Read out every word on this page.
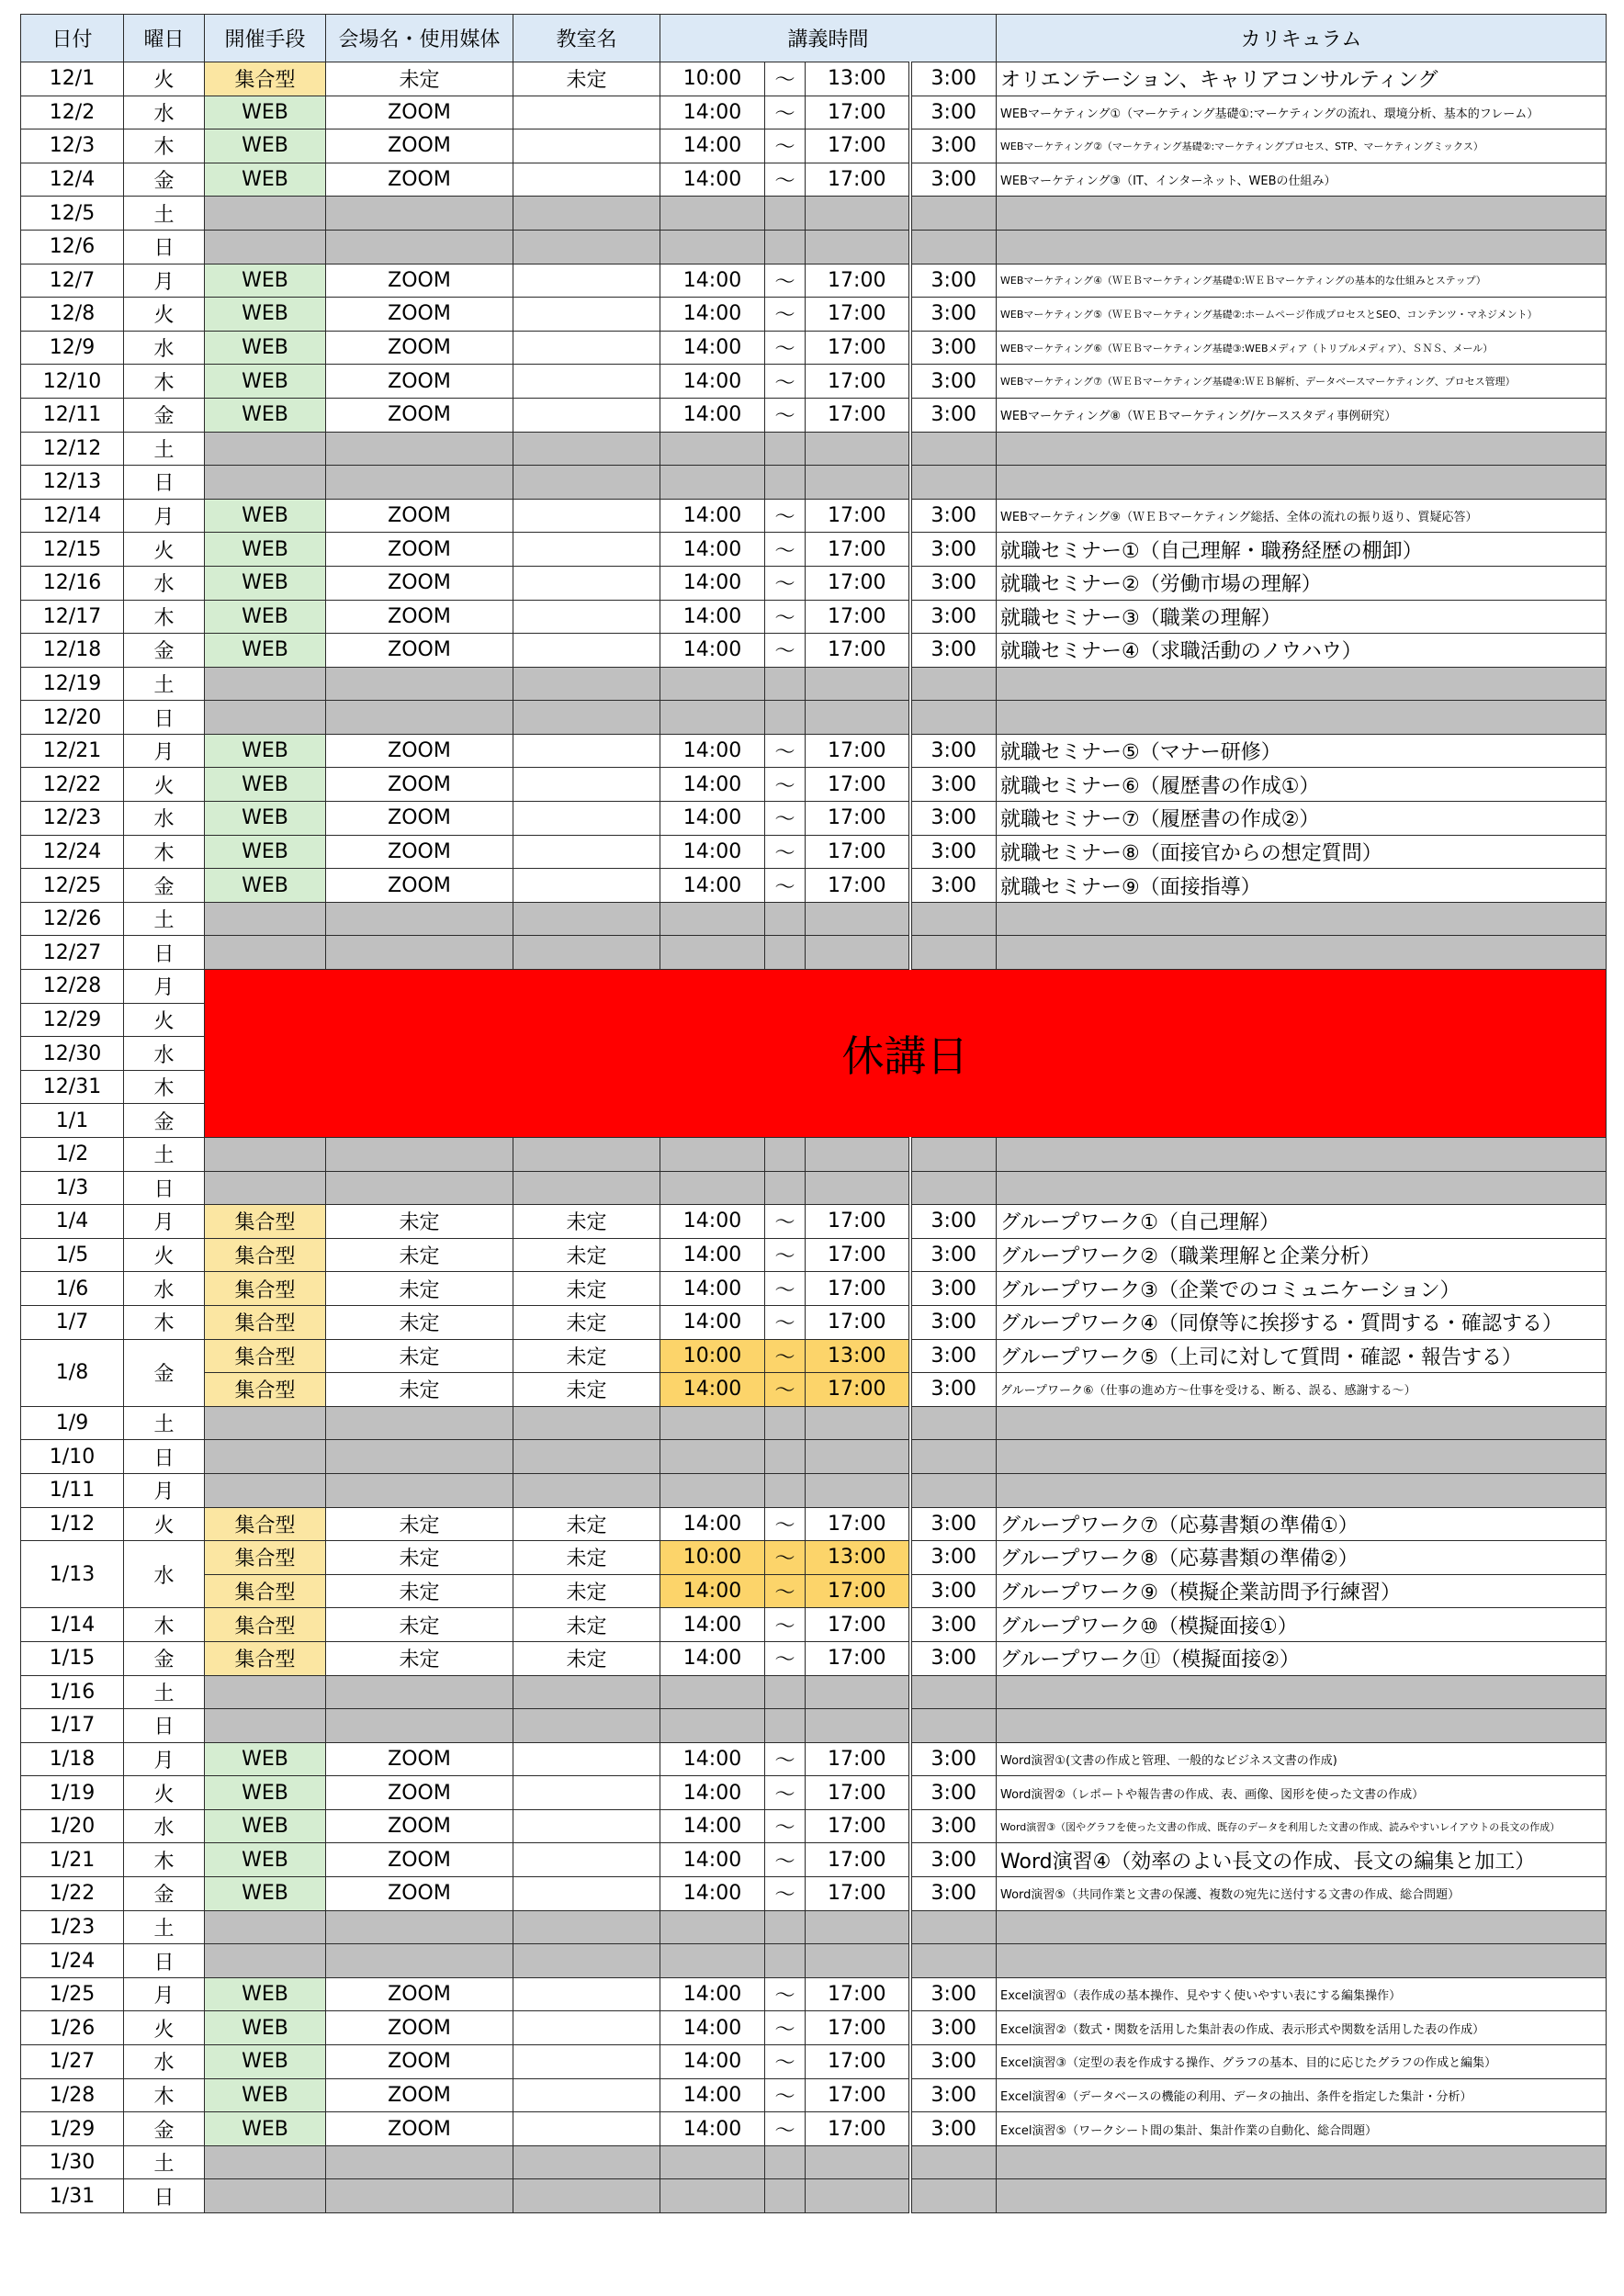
日付	曜日	開催手段	会場名・使用媒体	教室名	講義時間				カリキュラム
12/1	火	集合型	未定	未定	10:00	～	13:00	3:00	オリエンテーション、キャリアコンサルティング
12/2	水	WEB	ZOOM		14:00	～	17:00	3:00	WEBマーケティング①（マーケティング基礎①:マーケティングの流れ、環境分析、基本的フレーム）
12/3	木	WEB	ZOOM		14:00	～	17:00	3:00	WEBマーケティング②（マーケティング基礎②:マーケティングプロセス、STP、マーケティングミックス）
12/4	金	WEB	ZOOM		14:00	～	17:00	3:00	WEBマーケティング③（IT、インターネット、WEBの仕組み）
12/5	土								
12/6	日								
12/7	月	WEB	ZOOM		14:00	～	17:00	3:00	WEBマーケティング④（ＷＥＢマーケティング基礎①:ＷＥＢマーケティングの基本的な仕組みとステップ）
12/8	火	WEB	ZOOM		14:00	～	17:00	3:00	WEBマーケティング⑤（ＷＥＢマーケティング基礎②:ホームページ作成プロセスとSEO、コンテンツ・マネジメント）
12/9	水	WEB	ZOOM		14:00	～	17:00	3:00	WEBマーケティング⑥（ＷＥＢマーケティング基礎③:WEBメディア（トリプルメディア）、ＳＮＳ、メール）
12/10	木	WEB	ZOOM		14:00	～	17:00	3:00	WEBマーケティング⑦（ＷＥＢマーケティング基礎④:ＷＥＢ解析、データベースマーケティング、プロセス管理）
12/11	金	WEB	ZOOM		14:00	～	17:00	3:00	WEBマーケティング⑧（ＷＥＢマーケティング/ケーススタディ事例研究）
12/12	土								
12/13	日								
12/14	月	WEB	ZOOM		14:00	～	17:00	3:00	WEBマーケティング⑨（ＷＥＢマーケティング総括、全体の流れの振り返り、質疑応答）
12/15	火	WEB	ZOOM		14:00	～	17:00	3:00	就職セミナー①（自己理解・職務経歴の棚卸）
12/16	水	WEB	ZOOM		14:00	～	17:00	3:00	就職セミナー②（労働市場の理解）
12/17	木	WEB	ZOOM		14:00	～	17:00	3:00	就職セミナー③（職業の理解）
12/18	金	WEB	ZOOM		14:00	～	17:00	3:00	就職セミナー④（求職活動のノウハウ）
12/19	土								
12/20	日								
12/21	月	WEB	ZOOM		14:00	～	17:00	3:00	就職セミナー⑤（マナー研修）
12/22	火	WEB	ZOOM		14:00	～	17:00	3:00	就職セミナー⑥（履歴書の作成①）
12/23	水	WEB	ZOOM		14:00	～	17:00	3:00	就職セミナー⑦（履歴書の作成②）
12/24	木	WEB	ZOOM		14:00	～	17:00	3:00	就職セミナー⑧（面接官からの想定質問）
12/25	金	WEB	ZOOM		14:00	～	17:00	3:00	就職セミナー⑨（面接指導）
12/26	土								
12/27	日								
12/28	月	休講日							
12/29	火								
12/30	水								
12/31	木								
1/1	金								
1/2	土								
1/3	日								
1/4	月	集合型	未定	未定	14:00	～	17:00	3:00	グループワーク①（自己理解）
1/5	火	集合型	未定	未定	14:00	～	17:00	3:00	グループワーク②（職業理解と企業分析）
1/6	水	集合型	未定	未定	14:00	～	17:00	3:00	グループワーク③（企業でのコミュニケーション）
1/7	木	集合型	未定	未定	14:00	～	17:00	3:00	グループワーク④（同僚等に挨拶する・質問する・確認する）
1/8	金	集合型	未定	未定	10:00	～	13:00	3:00	グループワーク⑤（上司に対して質問・確認・報告する）
		集合型	未定	未定	14:00	～	17:00	3:00	グループワーク⑥（仕事の進め方～仕事を受ける、断る、誤る、感謝する～）
1/9	土								
1/10	日								
1/11	月								
1/12	火	集合型	未定	未定	14:00	～	17:00	3:00	グループワーク⑦（応募書類の準備①）
1/13	水	集合型	未定	未定	10:00	～	13:00	3:00	グループワーク⑧（応募書類の準備②）
		集合型	未定	未定	14:00	～	17:00	3:00	グループワーク⑨（模擬企業訪問予行練習）
1/14	木	集合型	未定	未定	14:00	～	17:00	3:00	グループワーク⑩（模擬面接①）
1/15	金	集合型	未定	未定	14:00	～	17:00	3:00	グループワーク⑪（模擬面接②）
1/16	土								
1/17	日								
1/18	月	WEB	ZOOM		14:00	～	17:00	3:00	Word演習①(文書の作成と管理、一般的なビジネス文書の作成)
1/19	火	WEB	ZOOM		14:00	～	17:00	3:00	Word演習②（レポートや報告書の作成、表、画像、図形を使った文書の作成）
1/20	水	WEB	ZOOM		14:00	～	17:00	3:00	Word演習③（図やグラフを使った文書の作成、既存のデータを利用した文書の作成、読みやすいレイアウトの長文の作成）
1/21	木	WEB	ZOOM		14:00	～	17:00	3:00	Word演習④（効率のよい長文の作成、長文の編集と加工）
1/22	金	WEB	ZOOM		14:00	～	17:00	3:00	Word演習⑤（共同作業と文書の保護、複数の宛先に送付する文書の作成、総合問題）
1/23	土								
1/24	日								
1/25	月	WEB	ZOOM		14:00	～	17:00	3:00	Excel演習①（表作成の基本操作、見やすく使いやすい表にする編集操作）
1/26	火	WEB	ZOOM		14:00	～	17:00	3:00	Excel演習②（数式・関数を活用した集計表の作成、表示形式や関数を活用した表の作成）
1/27	水	WEB	ZOOM		14:00	～	17:00	3:00	Excel演習③（定型の表を作成する操作、グラフの基本、目的に応じたグラフの作成と編集）
1/28	木	WEB	ZOOM		14:00	～	17:00	3:00	Excel演習④（データベースの機能の利用、データの抽出、条件を指定した集計・分析）
1/29	金	WEB	ZOOM		14:00	～	17:00	3:00	Excel演習⑤（ワークシート間の集計、集計作業の自動化、総合問題）
1/30	土								
1/31	日								
